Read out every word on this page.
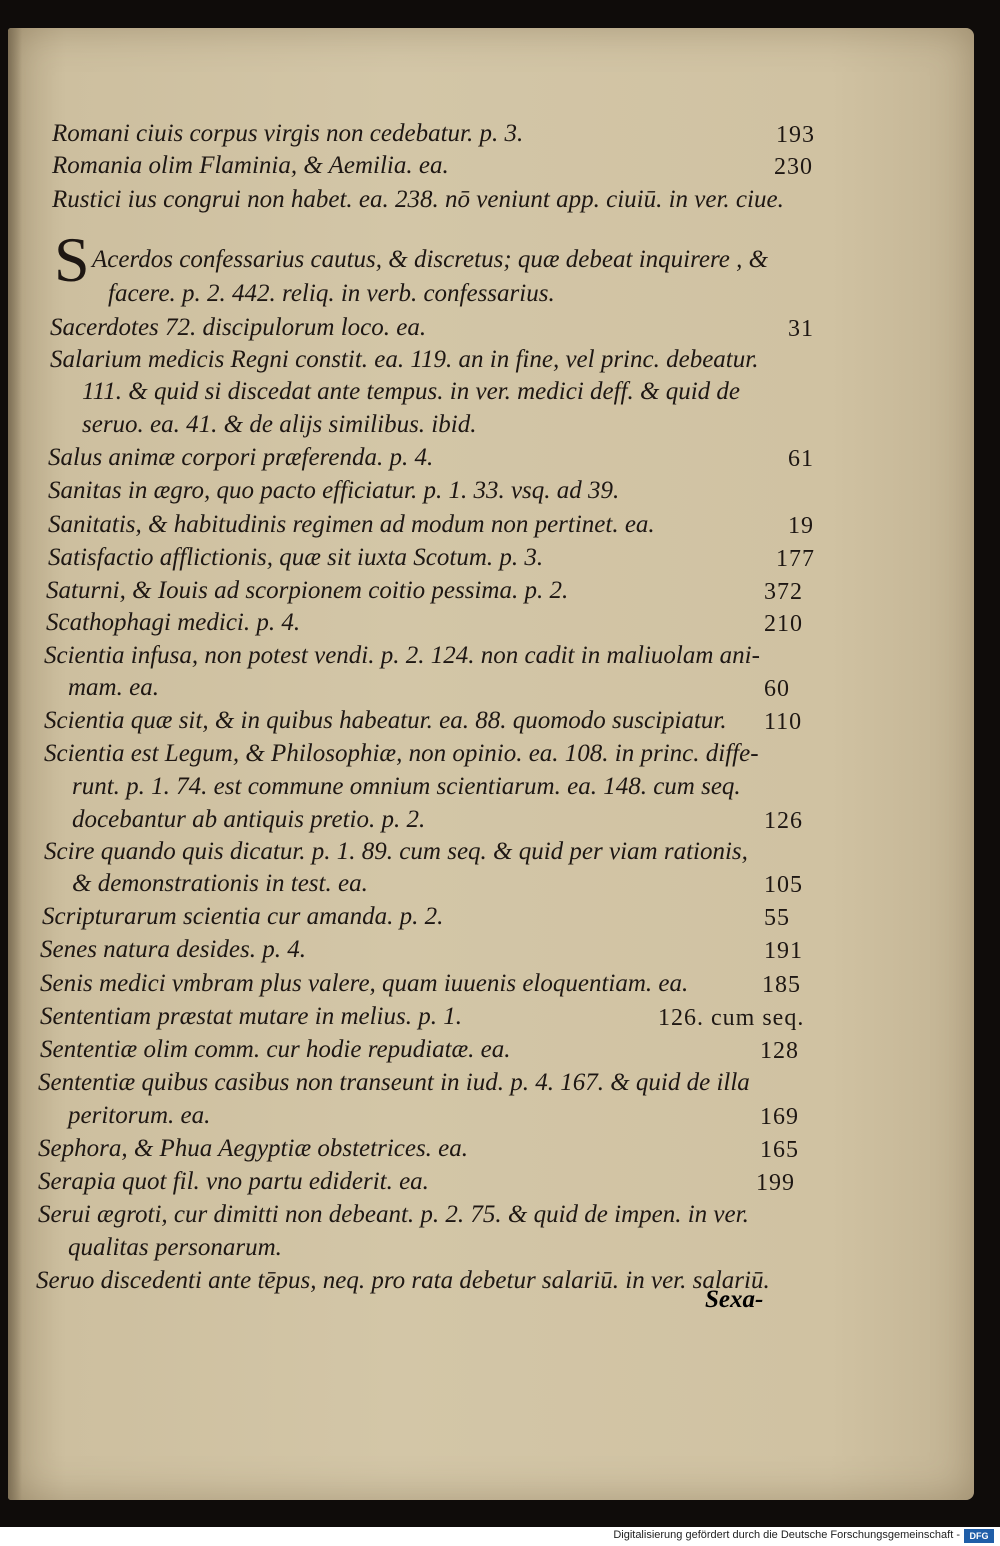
Romani ciuis corpus virgis non cedebatur. p. 3.	193
Romania olim Flaminia, & Aemilia. ea.	230
Rustici ius congrui non habet. ea. 238. nō veniunt app. ciuiū. in ver. ciue.
S Acerdos confessarius cautus, & discretus; quæ debeat inquirere , &
facere. p. 2. 442. reliq. in verb. confessarius.
Sacerdotes 72. discipulorum loco. ea.	31
Salarium medicis Regni constit. ea. 119. an in fine, vel princ. debeatur.
111. & quid si discedat ante tempus. in ver. medici deff. & quid de
seruo. ea. 41. & de alijs similibus. ibid.
Salus animæ corpori præferenda. p. 4.	61
Sanitas in ægro, quo pacto efficiatur. p. 1. 33. vsq. ad 39.
Sanitatis, & habitudinis regimen ad modum non pertinet. ea.	19
Satisfactio afflictionis, quæ sit iuxta Scotum. p. 3.	177
Saturni, & Iouis ad scorpionem coitio pessima. p. 2.	372
Scathophagi medici. p. 4.	210
Scientia infusa, non potest vendi. p. 2. 124. non cadit in maliuolam ani-
mam. ea.	60
Scientia quæ sit, & in quibus habeatur. ea. 88. quomodo suscipiatur. 110
Scientia est Legum, & Philosophiæ, non opinio. ea. 108. in princ. diffe-
runt. p. 1. 74. est commune omnium scientiarum. ea. 148. cum seq.
docebantur ab antiquis pretio. p. 2.	126
Scire quando quis dicatur. p. 1. 89. cum seq. & quid per viam rationis,
& demonstrationis in test. ea.	105
Scripturarum scientia cur amanda. p. 2.	55
Senes natura desides. p. 4.	191
Senis medici vmbram plus valere, quam iuuenis eloquentiam. ea.	185
Sententiam præstat mutare in melius. p. 1.	126. cum seq.
Sententiæ olim comm. cur hodie repudiatæ. ea.	128
Sententiæ quibus casibus non transeunt in iud. p. 4. 167. & quid de illa
peritorum. ea.	169
Sephora, & Phua Aegyptiæ obstetrices. ea.	165
Serapia quot fil. vno partu ediderit. ea.	199
Serui ægroti, cur dimitti non debeant. p. 2. 75. & quid de impen. in ver.
qualitas personarum.
Seruo discedenti ante tēpus, neq. pro rata debetur salariū. in ver. salariū.
Sexa-
Digitalisierung gefördert durch die Deutsche Forschungsgemeinschaft -	DFG
